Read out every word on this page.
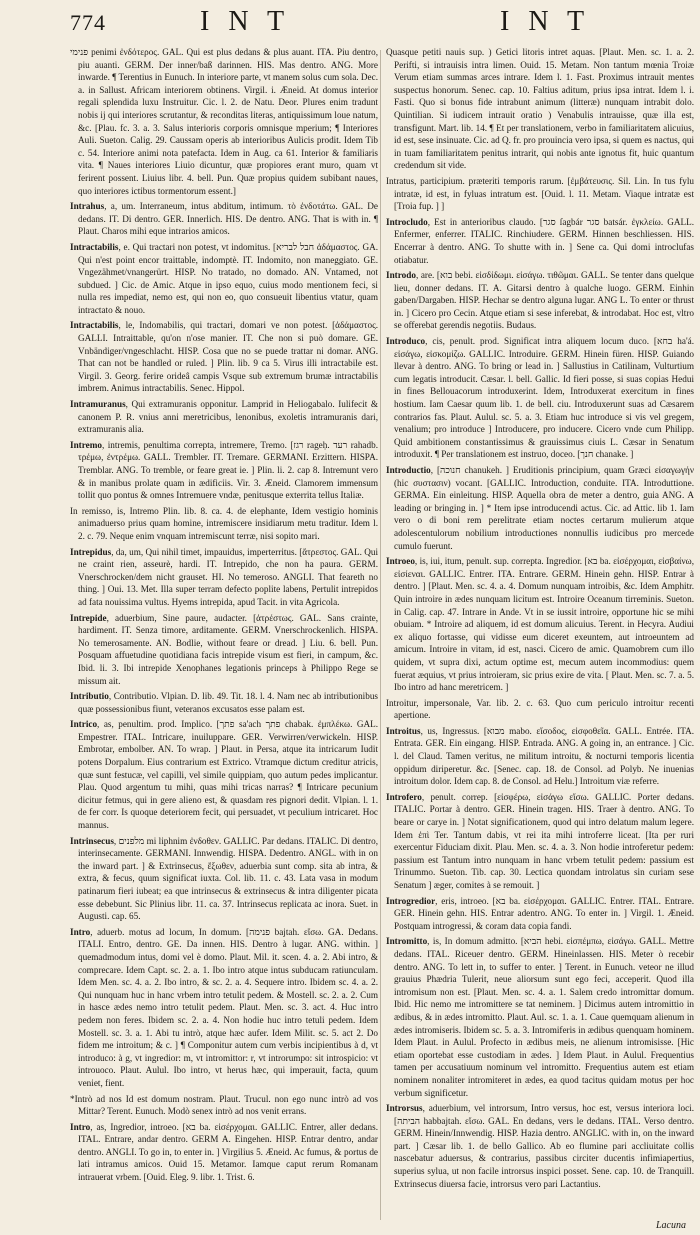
774	I N T	I N T

פנימי penimi ἐνδότερος. GAL. Qui est plus dedans & plus auant. ITA. Piu dentro, piu auanti. GERM. Der inner/baß darinnen. HIS. Mas dentro. ANG. More inwarde. ¶ Terentius in Eunuch. In interiore parte, vt manem solus cum sola. Dec. a. in Sallust. Africam interiorem obtinens. Virgil. i. Æneid. At domus interior regali splendida luxu Instruitur. Cic. l. 2. de Natu. Deor. Plures enim tradunt nobis ij qui interiores scrutantur, & reconditas literas, antiquissimum loue natum, &c. [Plau. fc. 3. a. 3. Salus interioris corporis omnisque mperium; ¶ Interiores Auli. Sueton. Calig. 29. Caussam operis ab interioribus Aulicis prodit. Idem Tib c. 54. Interiore animi nota patefacta. Idem in Aug. ca 61. Interior & familiaris vita. ¶ Naues interiores Liuio dicuntur, quæ propiores erant muro, quam vt ferirent possent. Liuius libr. 4. bell. Pun. Quæ propius quidem subibant naues, quo interiores ictibus tormentorum essent.]

Intrahus, a, um. Interraneum, intus abditum, intimum. τὸ ἐνδοτάτω. GAL. De dedans. IT. Di dentro. GER. Innerlich. HIS. De dentro. ANG. That is with in. ¶ Plaut. Charos mihi eque intrarios amicos.

Intractabilis, e. Qui tractari non potest, vt indomitus. [חבל לבריא ἀδάμαστος. GA. Qui n'est point encor traittable, indomptè. IT. Indomito, non maneggiato. GE. Vngezähmet/vnangerürt. HISP. No tratado, no domado. AN. Vntamed, not subdued. ] Cic. de Amic. Atque in ipso equo, cuius modo mentionem feci, si nulla res impediat, nemo est, qui non eo, quo consueuit libentius vtatur, quam intractato & nouo.

Intractabilis, le, Indomabilis, qui tractari, domari ve non potest. [ἀδάμαστος. GALLI. Intraittable, qu'on n'ose manier. IT. Che non si può domare. GE. Vnbändiger/vngeschlacht. HISP. Cosa que no se puede trattar ni domar. ANG. That can not be handled or ruled. ] Plin. lib. 9 ca 5. Virus illi intractabile est. Virgil. 3. Georg. ferire orideâ campis Vsque sub extremum brumæ intractabilis imbrem. Animus intractabilis. Senec. Hippol.

Intramuranus, Qui extramuranis opponitur. Lamprid in Heliogabalo. Iulifecit & canonem P. R. vnius anni meretricibus, lenonibus, exoletis intramuranis dari, extramuranis alia.

Intremo, intremis, penultima correpta, intremere, Tremo. [רגז rageḥ. רעד rahadb. τρέμω, ἐντρέμω. GALL. Trembler. IT. Tremare. GERMANI. Erzittern. HISPA. Tremblar. ANG. To tremble, or feare great ie. ] Plin. li. 2. cap 8. Intremunt vero & in manibus prolate quam in ædificiis. Vir. 3. Æneid. Clamorem immensum tollit quo pontus & omnes Intremuere vndæ, penitusque exterrita tellus Italiæ.

In remisso, is, Intremo Plin. lib. 8. ca. 4. de elephante, Idem vestigio hominis animaduerso prius quam homine, intremiscere insidiarum metu traditur. Idem l. 2. c. 79. Neque enim vnquam intremiscunt terræ, nisi sopito mari.

Intrepidus, da, um, Qui nihil timet, impauidus, imperterritus. [ἄτρεστος. GAL. Qui ne craint rien, asseurè, hardi. IT. Intrepido, che non ha paura. GERM. Vnerschrocken/dem nicht grauset. HI. No temeroso. ANGLI. That feareth no thing. ] Oui. 13. Met. Illa super terram defecto poplite labens, Pertulit intrepidos ad fata nouissima vultus. Hyems intrepida, apud Tacit. in vita Agricola.

Intrepide, aduerbium, Sine paure, audacter. [ἀτρέστως. GAL. Sans crainte, hardiment. IT. Senza timore, arditamente. GERM. Vnerschrockenlich. HISPA. No temerosamente. AN. Bodlie, without feare or dread. ] Liu. 6. bell. Pun. Posquam affuetudine quotidiana facis intrepide visum est fieri, in campum, &c. Ibid. li. 3. Ibi intrepide Xenophanes legationis princeps à Philippo Rege se missum ait.

Intributio, Contributio. Vlpian. D. lib. 49. Tit. 18. l. 4. Nam nec ab intributionibus quæ possessionibus fiunt, veteranos excusatos esse palam est.

Intrico, as, penultim. prod. Implico. [פתך sa'ach פתך chabak. ἐμπλέκω. GAL. Empestrer. ITAL. Intricare, inuiluppare. GER. Verwirren/verwickeln. HISP. Embrotar, embolber. AN. To wrap. ] Plaut. in Persa, atque ita intricarum Iudit potens Dorpalum. Eius contrarium est Extrico. Vtramque dictum creditur atricis, quæ sunt festucæ, vel capilli, vel simile quippiam, quo autum pedes implicantur. Plau. Quod argentum tu mihi, quas mihi tricas narras? ¶ Intricare pecunium dicitur fetmus, qui in gere alieno est, & quasdam res pignori dedit. Vlpian. l. 1. de fer corr. Is quoque deteriorem fecit, qui persuadet, vt peculium intricaret. Hoc mannus.

Intrinsecus, מלפנים mi liphnim ἐνδοθεν. GALLIC. Par dedans. ITALIC. Di dentro, interinsecamente. GERMANI. Innwendig. HISPA. Dedentro. ANGL. with in on the inward part. ] & Extrinsecus, ἔξωθεν, aduerbia sunt comp. sita ab intra, & extra, & fecus, quum significat iuxta. Col. lib. 11. c. 43. Lata vasa in modum patinarum fieri iubeat; ea que intrinsecus & extrinsecus & intra diligenter picata esse debebunt. Sic Plinius libr. 11. ca. 37. Intrinsecus replicata ac inora. Suet. in Augusti. cap. 65.

Intro, aduerb. motus ad locum, In domum. [פנימה bajtah. εἴσω. GA. Dedans. ITALI. Entro, dentro. GE. Da innen. HIS. Dentro à lugar. ANG. within. ] quemadmodum intus, domi vel è domo. Plaut. Mil. it. scen. 4. a. 2. Abi intro, & comprecare. Idem Capt. sc. 2. a. 1. Ibo intro atque intus subducam ratiunculam. Idem Men. sc. 4. a. 2. Ibo intro, & sc. 2. a. 4. Sequere intro. Ibidem sc. 4. a. 2. Qui nunquam huc in hanc vrbem intro tetulit pedem. & Mostell. sc. 2. a. 2. Cum in hasce ædes nemo intro tetulit pedem. Plaut. Men. sc. 3. act. 4. Huc intro pedem non feres. Ibidem sc. 2. a. 4. Non hodie huc intro tetuli pedem. Idem Mostell. sc. 3. a. 1. Abi tu intrò, atque hæc aufer. Idem Milit. sc. 5. act 2. Do fidem me introitum; & c. ] ¶ Componitur autem cum verbis incipientibus à d, vt introduco: à g, vt ingredior: m, vt intromittor: r, vt introrumpo: sit introspicio: vt introuoco. Plaut. Aulul. Ibo intro, vt herus hæc, qui imperauit, facta, quum veniet, fient.

*Intrò ad nos Id est domum nostram. Plaut. Trucul. non ego nunc intrò ad vos Mittar? Terent. Eunuch. Modò senex intrò ad nos venit errans.

Intro, as, Ingredior, introeo. [בא ba. εἰσέρχομαι. GALLIC. Entrer, aller dedans. ITAL. Entrare, andar dentro. GERM A. Eingehen. HISP. Entrar dentro, andar dentro. ANGLI. To go in, to enter in. ] Virgilius 5. Æneid. Ac fumus, & portus de lati intramus amicos. Ouid 15. Metamor. Iamque caput rerum Romanam intrauerat vrbem. [Ouid. Eleg. 9. libr. 1. Trist. 6.

Quasque petiti nauis sup. ) Getici litoris intret aquas. [Plaut. Men. sc. 1. a. 2. Perifti, si intrauisis intra limen. Ouid. 15. Metam. Non tantum mœnia Troiæ Verum etiam summas arces intrare. Idem l. 1. Fast. Proximus intrauit mentes suspectus honorum. Senec. cap. 10. Faltius aditum, prius ipsa intrat. Idem l. i. Fasti. Quo si bonus fide intrabunt animum (litteræ) nunquam intrabit dolo. Quintilian. Si iudicem intrauit oratio ) Venabulis intrauisse, quæ illa est, transfigunt. Mart. lib. 14. ¶ Et per translationem, verbo in familiaritatem alicuius, id est, sese insinuate. Cic. ad Q. fr. pro prouincia vero ipsa, si quem es nactus, qui in tuam familiaritatem penitus intrarit, qui nobis ante ignotus fit, huic quantum credendum sit vide.

Intratus, participium. præteriti temporis rarum. [ἐμβάτευσις. Sil. Lin. In tus fylu intratæ, id est, in fyluas intratum est. [Ouid. l. 11. Metam. Viaque intratæ est [Troia fup. ] ]

Introcludo, Est in anterioribus claudo. [סגר ſagbár סגר batsár. ἐγκλείω. GALL. Enfermer, enferrer. ITALIC. Rinchiudere. GERM. Hinnen beschliessen. HIS. Encerrar à dentro. ANG. To shutte with in. ] Sene ca. Qui domi introclufas otiabatur.

Introdo, are. [בוא bebi. εἰσδίδωμι. εἰσάγω. τιθῶμαι. GALL. Se tenter dans quelque lieu, donner dedans. IT. A. Gitarsi dentro à qualche luogo. GERM. Einhin gaben/Dargaben. HISP. Hechar se dentro alguna lugar. ANG L. To enter or thrust in. ] Cicero pro Cecin. Atque etiam si sese inferebat, & introdabat. Hoc est, vltro se offerebat gerendis negotiis. Budaus.

Introduco, cis, penult. prod. Significat intra aliquem locum duco. [בחא ha'á. εἰσάγω, εἰσκομίζω. GALLIC. Introduire. GERM. Hinein füren. HISP. Guiando llevar à dentro. ANG. To bring or lead in. ] Sallustius in Catilinam, Vulturtium cum legatis introducit. Cæsar. l. bell. Gallic. Id fieri posse, si suas copias Hedui in fines Bellouacorum introduxerint. Idem, Introduxerat exercitum in fines hostium. Iam Caesar quum lib. 1. de bell. ciu. Introduxerunt suas ad Cæsarem contrarios fas. Plaut. Aulul. sc. 5. a. 3. Etiam huc introduce si vis vel gregem, venalium; pro introduce ] Introducere, pro inducere. Cicero vnde cum Philipp. Quid ambitionem constantissimus & grauissimus ciuis L. Cæsar in Senatum introduxit. ¶ Per translationem est instruo, doceo. [חנך chanake. ]

Introductio, [חנוכה chanukeh. ] Eruditionis principium, quam Græci εἰσαγωγήν (hic συστασιν) vocant. [GALLIC. Introduction, conduite. ITA. Introduttione. GERMA. Ein einleitung. HISP. Aquella obra de meter a dentro, guia ANG. A leading or bringing in. ] * Item ipse introducendi actus. Cic. ad Attic. lib 1. Iam vero o di boni rem perelitrate etiam noctes certarum mulierum atque adolescentulorum nobilium introductiones nonnullis iudicibus pro mercede cumulo fuerunt.

Introeo, is, iui, itum, penult. sup. correpta. Ingredior. [בא ba. εἰσέρχομαι, εἰσβαίνω, εἰσίεναι. GALLIC. Entrer. ITA. Entrare. GERM. Hinein gehn. HISP. Entrar à dentro. ] [Plaut. Men. sc. 4. a. 4. Domum nunquam introibis, &c. Idem Amphitr. Quin introire in ædes nunquam licitum est. Introire Oceanum tirreminis. Sueton. in Calig. cap. 47. Intrare in Ande. Vt in se iussit introire, opportune hic se mihi obuiam. * Introire ad aliquem, id est domum alicuius. Terent. in Hecyra. Audiui ex aliquo fortasse, qui vidisse eum diceret exeuntem, aut introeuntem ad amicum. Introire in vitam, id est, nasci. Cicero de amic. Quamobrem cum illo quidem, vt supra dixi, actum optime est, mecum autem incommodius: quem fuerat æquius, vt prius introieram, sic prius exire de vita. [ Plaut. Men. sc. 7. a. 5. Ibo intro ad hanc meretricem. ]

Introitur, impersonale, Var. lib. 2. c. 63. Quo cum periculo introitur recenti apertione.

Introitus, us, Ingressus. [מבוא mabo. εἴσοδος, εἰσφοθεῖα. GALL. Entrée. ITA. Entrata. GER. Ein eingang. HISP. Entrada. ANG. A going in, an entrance. ] Cic. l. del Claud. Tamen veritus, ne militum introitu, & nocturni temporis licentia oppidum diriperetur. &c. [Senec. cap. 18. de Consol. ad Polyb. Ne inuenias introitum dolor. Idem cap. 8. de Consol. ad Helu.] Introitum viæ referre.

Introfero, penult. correp. [εἰσφέρω, εἰσάγω εἴσω. GALLIC. Porter dedans. ITALIC. Portar à dentro. GER. Hinein tragen. HIS. Traer à dentro. ANG. To beare or carye in. ] Notat significationem, quod qui intro delatum malum legere. Idem ἐπὶ Ter. Tantum dabis, vt rei ita mihi introferre liceat. [Ita per ruri exercentur Fiduciam dixit. Plau. Men. sc. 4. a. 3. Non hodie introferetur pedem: passium est Tantum intro nunquam in hanc vrbem tetulit pedem: passium est Trinummo. Sueton. Tib. cap. 30. Lectica quondam introlatus sin curiam sese Senatum ] æger, comites à se remouit. ]

Introgredior, eris, introeo. [בא ba. εἰσέρχομαι. GALLIC. Entrer. ITAL. Entrare. GER. Hinein gehn. HIS. Entrar adentro. ANG. To enter in. ] Virgil. 1. Æneid. Postquam introgressi, & coram data copia fandi.

Intromitto, is, In domum admitto. [הביא hebi. εἰσπέμπω, εἰσάγω. GALL. Mettre dedans. ITAL. Riceuer dentro. GERM. Hineinlassen. HIS. Meter ò recebir dentro. ANG. To lett in, to suffer to enter. ] Terent. in Eunuch. veteor ne illud grauius Phædria Tulerit, neue aliorsum sunt ego feci, acceperit. Quod illa intromisum non est. [Plaut. Men. sc. 4. a. 1. Salem credo intromittar domum. Ibid. Hic nemo me intromittere se tat neminem. ] Dicimus autem intromittio in ædibus, & in ædes intromitto. Plaut. Aul. sc. 1. a. 1. Caue quemquam alienum in ædes intromiseris. Ibidem sc. 5. a. 3. Intromiferis in ædibus quenquam hominem. Idem Plaut. in Aulul. Profecto in ædibus meis, ne alienum intromisisse. [Hic etiam oportebat esse custodiam in ædes. ] Idem Plaut. in Aulul. Frequentius tamen per accusatiuum nominum vel intromitto. Frequentius autem est etiam nominem nonaliter intromiteret in ædes, ea quod tacitus quidam motus per hoc verbum significetur.

Introrsus, aduerbium, vel introrsum, Intro versus, hoc est, versus interiora loci. [הביתה habbajtah. εἴσω. GAL. En dedans, vers le dedans. ITAL. Verso dentro. GERM. Hinein/Innwendig. HISP. Hazia dentro. ANGLIC. with in, on the inward part. ] Cæsar lib. 1. de bello Gallico. Ab eo flumine pari accliuitate collis nascebatur aduersus, & contrarius, passibus circiter ducentis infimiapertius, superius sylua, ut non facile introrsus inspici posset. Sene. cap. 10. de Tranquill. Extrinsecus diuersa facie, introrsus vero pari Lactantius.

Lacuna
